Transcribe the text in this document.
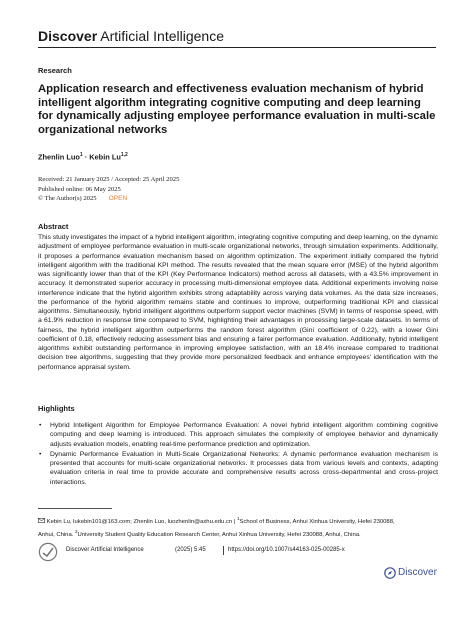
Discover Artificial Intelligence
Research
Application research and effectiveness evaluation mechanism of hybrid intelligent algorithm integrating cognitive computing and deep learning for dynamically adjusting employee performance evaluation in multi-scale organizational networks
Zhenlin Luo$^1$ · Kebin Lu$^{1,2}$
Received: 21 January 2025 / Accepted: 25 April 2025
Published online: 06 May 2025
© The Author(s) 2025 OPEN
Abstract

This study investigates the impact of a hybrid intelligent algorithm, integrating cognitive computing and deep learning, on the dynamic adjustment of employee performance evaluation in multi-scale organizational networks, through simulation experiments. Additionally, it proposes a performance evaluation mechanism based on algorithm optimization. The experiment initially compared the hybrid intelligent algorithm with the traditional KPI method. The results revealed that the mean square error (MSE) of the hybrid algorithm was significantly lower than that of the KPI (Key Performance Indicators) method across all datasets, with a 43.5% improvement in accuracy. It demonstrated superior accuracy in processing multi-dimensional employee data. Additional experiments involving noise interference indicate that the hybrid algorithm exhibits strong adaptability across varying data volumes. As the data size increases, the performance of the hybrid algorithm remains stable and continues to improve, outperforming traditional KPI and classical algorithms. Simultaneously, hybrid intelligent algorithms outperform support vector machines (SVM) in terms of response speed, with a 61.9% reduction in response time compared to SVM, highlighting their advantages in processing large-scale datasets. In terms of fairness, the hybrid intelligent algorithm outperforms the random forest algorithm (Gini coefficient of 0.22), with a lower Gini coefficient of 0.18, effectively reducing assessment bias and ensuring a fairer performance evaluation. Additionally, hybrid intelligent algorithms exhibit outstanding performance in improving employee satisfaction, with an 18.4% increase compared to traditional decision tree algorithms, suggesting that they provide more personalized feedback and enhance employees' identification with the performance appraisal system.

Highlights
• Hybrid Intelligent Algorithm for Employee Performance Evaluation: A novel hybrid intelligent algorithm combining cognitive computing and deep learning is introduced. This approach simulates the complexity of employee behavior and dynamically adjusts evaluation models, enabling real-time performance prediction and optimization.
• Dynamic Performance Evaluation in Multi-Scale Organizational Networks: A dynamic performance evaluation mechanism is presented that accounts for multi-scale organizational networks. It processes data from various levels and contexts, adapting evaluation criteria in real time to provide accurate and comprehensive results across cross-departmental and cross-project interactions.

Kebin Lu, lukebin101@163.com; Zhenlin Luo, luozhenlin@axhu.edu.cn | $^1$School of Business, Anhui Xinhua University, Hefei 230088,
Anhui, China. $^2$University Student Quality Education Research Center, Anhui Xinhua University, Hefei 230088, Anhui, China.

Discover Artificial Intelligence	(2025) 5:45	https://doi.org/10.1007/s44163-025-00285-x
Discover
